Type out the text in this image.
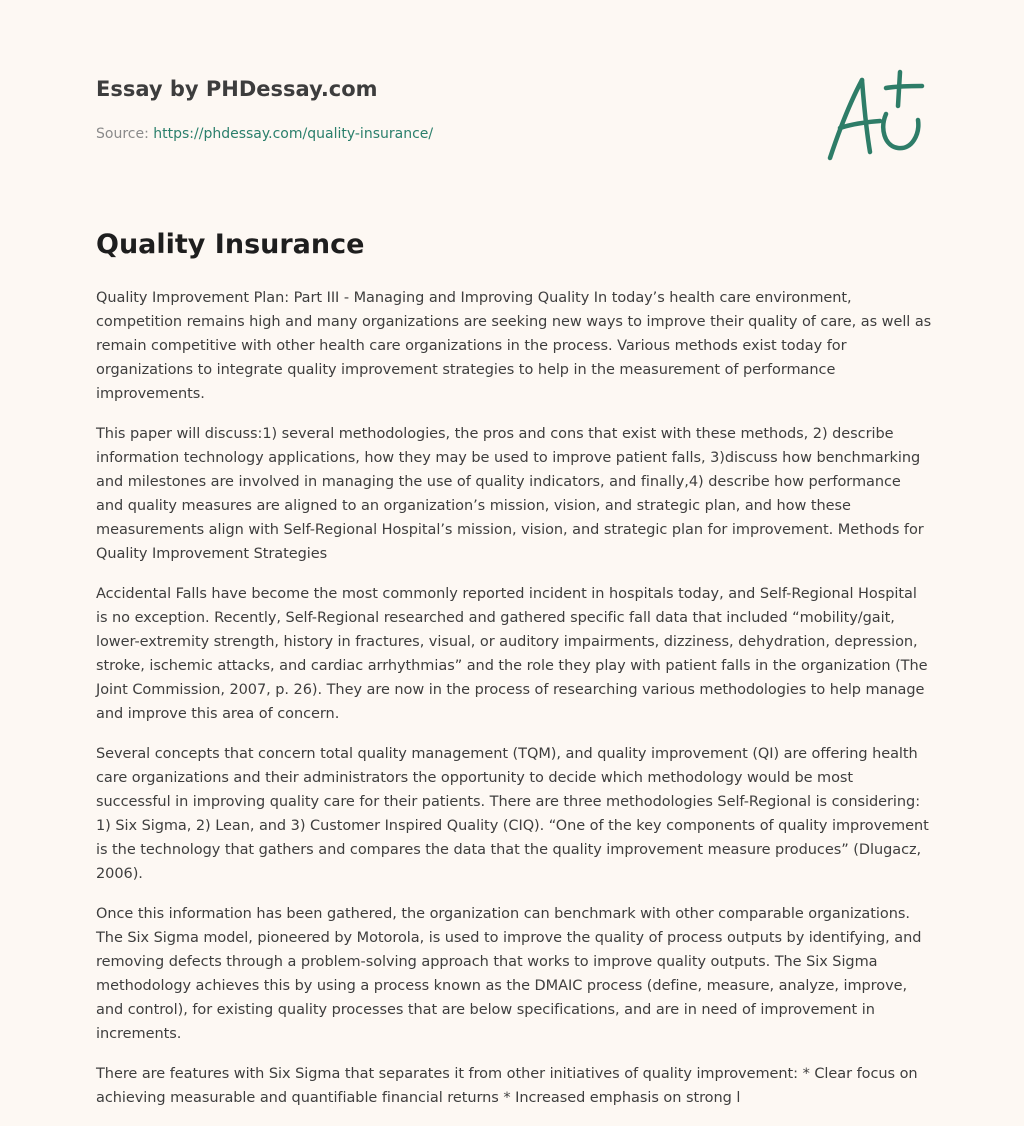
Essay by PHDessay.com
Source: https://phdessay.com/quality-insurance/
Quality Insurance

Quality Improvement Plan: Part III - Managing and Improving Quality In today’s health care environment, competition remains high and many organizations are seeking new ways to improve their quality of care, as well as remain competitive with other health care organizations in the process. Various methods exist today for organizations to integrate quality improvement strategies to help in the measurement of performance improvements.

This paper will discuss:1) several methodologies, the pros and cons that exist with these methods, 2) describe information technology applications, how they may be used to improve patient falls, 3)discuss how benchmarking and milestones are involved in managing the use of quality indicators, and finally,4) describe how performance and quality measures are aligned to an organization’s mission, vision, and strategic plan, and how these measurements align with Self-Regional Hospital’s mission, vision, and strategic plan for improvement. Methods for Quality Improvement Strategies

Accidental Falls have become the most commonly reported incident in hospitals today, and Self-Regional Hospital is no exception. Recently, Self-Regional researched and gathered specific fall data that included “mobility/gait, lower-extremity strength, history in fractures, visual, or auditory impairments, dizziness, dehydration, depression, stroke, ischemic attacks, and cardiac arrhythmias” and the role they play with patient falls in the organization (The Joint Commission, 2007, p. 26). They are now in the process of researching various methodologies to help manage and improve this area of concern.

Several concepts that concern total quality management (TQM), and quality improvement (QI) are offering health care organizations and their administrators the opportunity to decide which methodology would be most successful in improving quality care for their patients. There are three methodologies Self-Regional is considering: 1) Six Sigma, 2) Lean, and 3) Customer Inspired Quality (CIQ). “One of the key components of quality improvement is the technology that gathers and compares the data that the quality improvement measure produces” (Dlugacz, 2006).

Once this information has been gathered, the organization can benchmark with other comparable organizations. The Six Sigma model, pioneered by Motorola, is used to improve the quality of process outputs by identifying, and removing defects through a problem-solving approach that works to improve quality outputs. The Six Sigma methodology achieves this by using a process known as the DMAIC process (define, measure, analyze, improve, and control), for existing quality processes that are below specifications, and are in need of improvement in increments.

There are features with Six Sigma that separates it from other initiatives of quality improvement: * Clear focus on achieving measurable and quantifiable financial returns * Increased emphasis on strong l
